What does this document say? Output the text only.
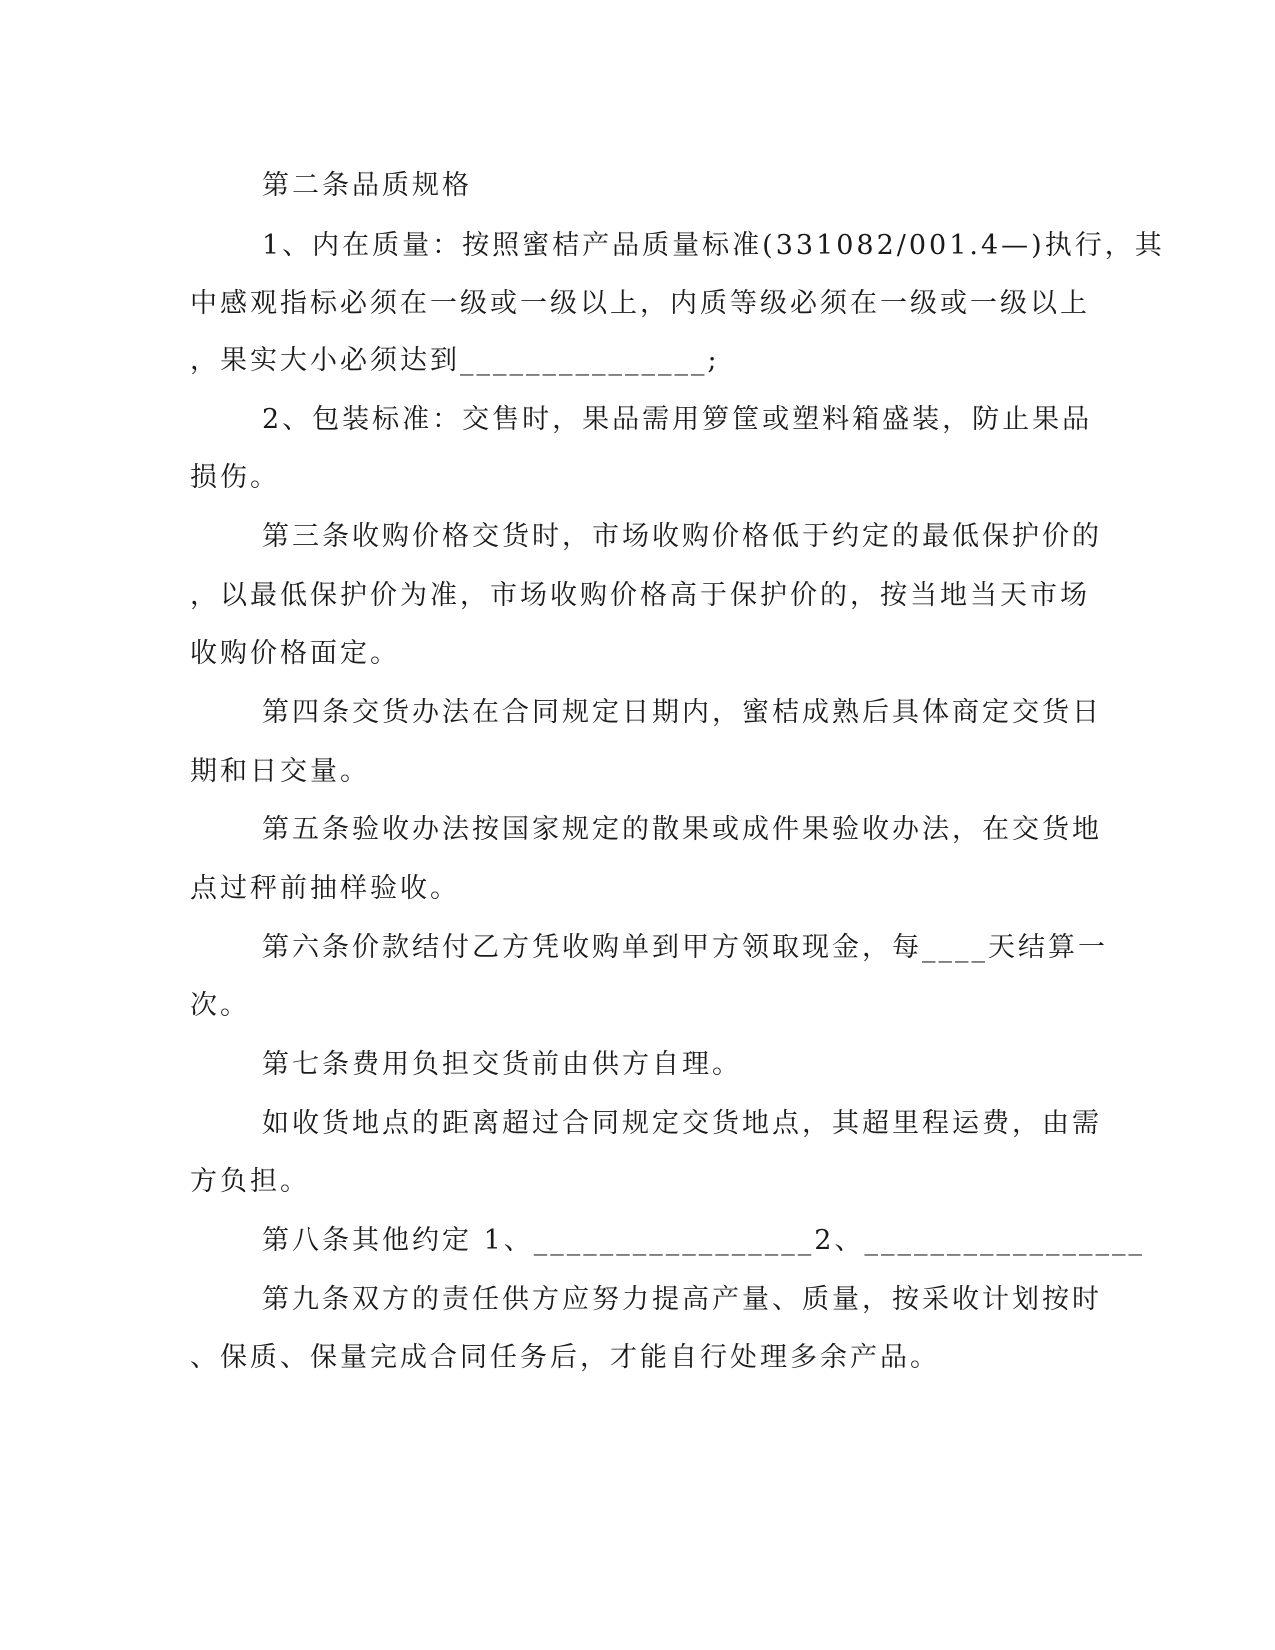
第二条品质规格

1、内在质量：按照蜜桔产品质量标准(331082/001.4—)执行，其

中感观指标必须在一级或一级以上，内质等级必须在一级或一级以上

，果实大小必须达到_______________;

2、包装标准：交售时，果品需用箩筐或塑料箱盛装，防止果品

损伤。

第三条收购价格交货时，市场收购价格低于约定的最低保护价的

，以最低保护价为准，市场收购价格高于保护价的，按当地当天市场

收购价格面定。

第四条交货办法在合同规定日期内，蜜桔成熟后具体商定交货日

期和日交量。

第五条验收办法按国家规定的散果或成件果验收办法，在交货地

点过秤前抽样验收。

第六条价款结付乙方凭收购单到甲方领取现金，每____天结算一

次。

第七条费用负担交货前由供方自理。

如收货地点的距离超过合同规定交货地点，其超里程运费，由需

方负担。

第八条其他约定 1、_________________2、_________________

第九条双方的责任供方应努力提高产量、质量，按采收计划按时

、保质、保量完成合同任务后，才能自行处理多余产品。
